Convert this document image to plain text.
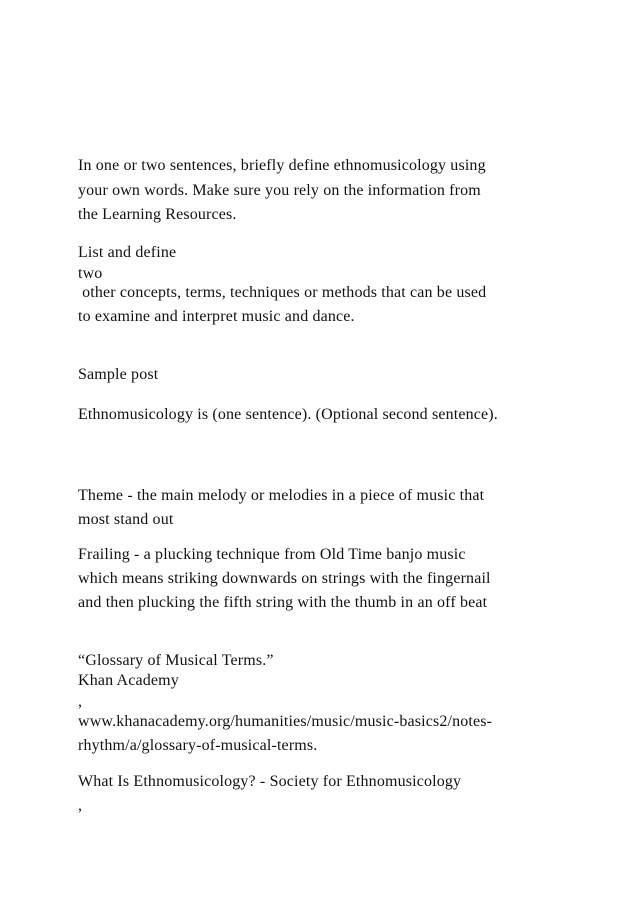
In one or two sentences, briefly define ethnomusicology using
your own words. Make sure you rely on the information from
the Learning Resources.
List and define
two
other concepts, terms, techniques or methods that can be used
to examine and interpret music and dance.
Sample post
Ethnomusicology is (one sentence). (Optional second sentence).
Theme - the main melody or melodies in a piece of music that
most stand out
Frailing - a plucking technique from Old Time banjo music
which means striking downwards on strings with the fingernail
and then plucking the fifth string with the thumb in an off beat
“Glossary of Musical Terms.”
Khan Academy
,
www.khanacademy.org/humanities/music/music-basics2/notes-
rhythm/a/glossary-of-musical-terms.
What Is Ethnomusicology? - Society for Ethnomusicology
,
